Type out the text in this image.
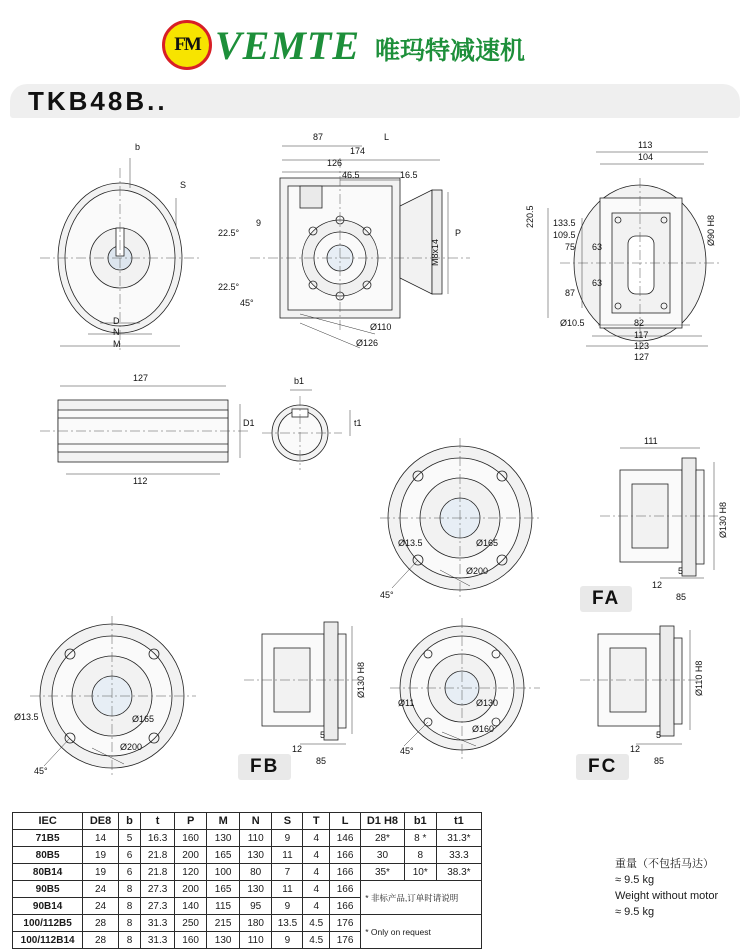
FM VEMTE 唯玛特减速机
TKB48B..
b
S
D
N
M
87	L
174
126
46.5	16.5
9
P
22.5°
22.5°
45°
Ø110
Ø126
M8x14
113
104
133.5
109.5
75 63
63
87
220.5	Ø90 H8
Ø10.5	82
117
123
127
127
112
D1
b1
t1
Ø13.5	Ø165
Ø200
45°
111
Ø130 H8
5
12
85
FA
Ø13.5	Ø165
Ø200
45°
Ø130 H8
5
12
85
FB
Ø11	Ø130
Ø160
45°
Ø110 H8
5
12
85
FC
IEC	DE8	b	t	P	M	N	S	T	L	D1 H8	b1	t1
71B5	14	5	16.3	160	130	110	9	4	146	28*	8 *	31.3*
80B5	19	6	21.8	200	165	130	11	4	166	30	8	33.3
80B14	19	6	21.8	120	100	80	7	4	166	35*	10*	38.3*
90B5	24	8	27.3	200	165	130	11	4	166	* 非标产品,订单时请说明		
90B14	24	8	27.3	140	115	95	9	4	166			
100/112B5	28	8	31.3	250	215	180	13.5	4.5	176	* Only on request		
100/112B14	28	8	31.3	160	130	110	9	4.5	176			
重量（不包括马达）
≈ 9.5 kg
Weight without motor
≈ 9.5 kg
